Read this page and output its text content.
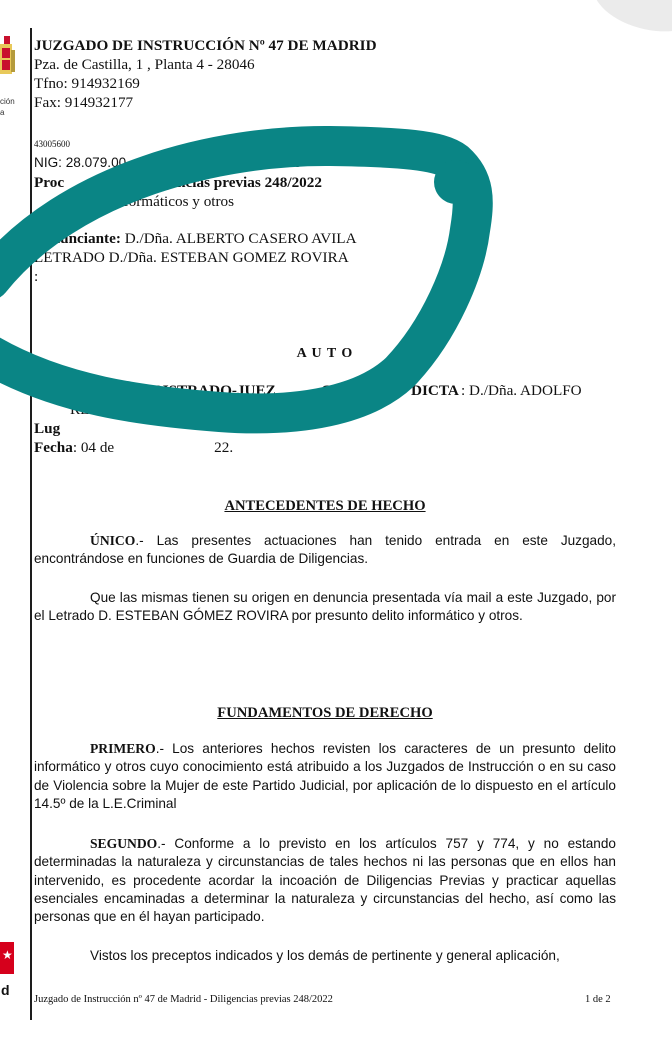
ción
a
JUZGADO DE INSTRUCCIÓN Nº 47 DE MADRID
Pza. de Castilla, 1 , Planta 4 - 28046
Tfno: 914932169
Fax: 914932177
43005600
NIG: 28.079.00	13
Proc	iligencias previas 248/2022
itos informáticos y otros
Denunciante: D./Dña. ALBERTO CASERO AVILA
LETRADO D./Dña. ESTEBAN GOMEZ ROVIRA
:
A U T O
EL/LA JUEZ/MAGISTRADO-JUEZ	C	O DICTA : D./Dña. ADOLFO
RETERO SÁNCHEZ
Lug
Fecha: 04 de	22.
ANTECEDENTES DE HECHO
ÚNICO.- Las presentes actuaciones han tenido entrada en este Juzgado, encontrándose en funciones de Guardia de Diligencias.
Que las mismas tienen su origen en denuncia presentada vía mail a este Juzgado, por el Letrado D. ESTEBAN GÓMEZ ROVIRA por presunto delito informático y otros.
FUNDAMENTOS DE DERECHO
PRIMERO.- Los anteriores hechos revisten los caracteres de un presunto delito informático y otros cuyo conocimiento está atribuido a los Juzgados de Instrucción o en su caso de Violencia sobre la Mujer de este Partido Judicial, por aplicación de lo dispuesto en el artículo 14.5º de la L.E.Criminal
SEGUNDO.- Conforme a lo previsto en los artículos 757 y 774, y no estando determinadas la naturaleza y circunstancias de tales hechos ni las personas que en ellos han intervenido, es procedente acordar la incoación de Diligencias Previas y practicar aquellas esenciales encaminadas a determinar la naturaleza y circunstancias del hecho, así como las personas que en él hayan participado.
Vistos los preceptos indicados y los demás de pertinente y general aplicación,
★
d
Juzgado de Instrucción nº 47 de Madrid - Diligencias previas 248/2022	1 de 2
